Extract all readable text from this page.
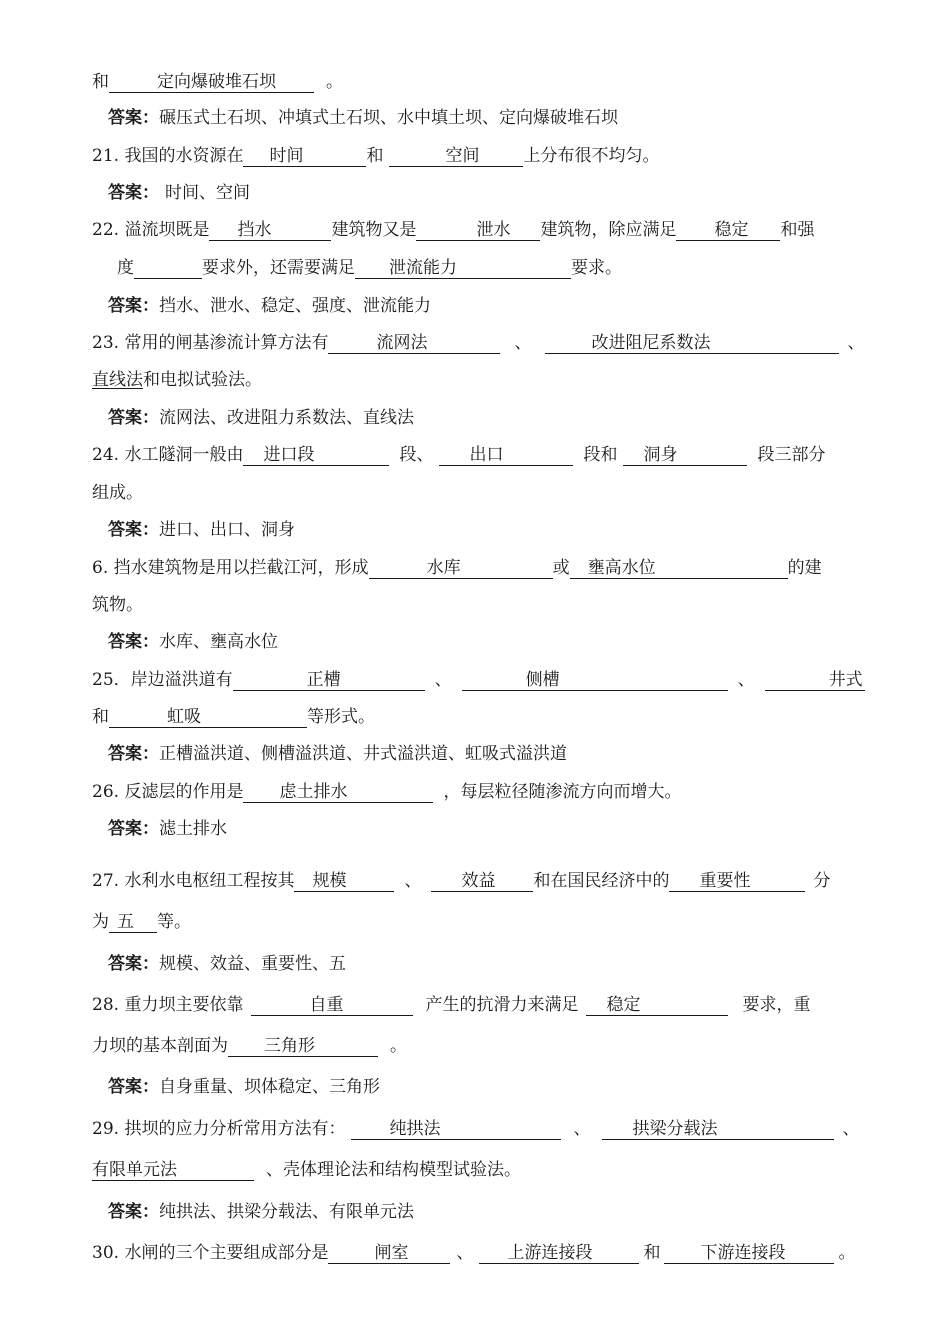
和	定向爆破堆石坝	。
答案：碾压式土石坝、冲填式土石坝、水中填土坝、定向爆破堆石坝
21. 我国的水资源在 时间	和	空间	上分布很不均匀。
答案： 时间、空间
22. 溢流坝既是 挡水	建筑物又是	泄水 建筑物，除应满足 稳定 和强
度	要求外，还需要满足 泄流能力	要求。
答案：挡水、泄水、稳定、强度、泄流能力
23. 常用的闸基渗流计算方法有	流网法	、	改进阻尼系数法	、
直线法和电拟试验法。
答案：流网法、改进阻力系数法、直线法
24. 水工隧洞一般由 进口段	段、 出口	段和 洞身	段三部分
组成。
答案：进口、出口、洞身
6. 挡水建筑物是用以拦截江河，形成	水库	或 壅高水位	的建
筑物。
答案：水库、壅高水位
25．岸边溢洪道有	正槽	、	侧槽	、	井式
和	虹吸	等形式。
答案：正槽溢洪道、侧槽溢洪道、井式溢洪道、虹吸式溢洪道
26. 反滤层的作用是 虑土排水	，每层粒径随渗流方向而增大。
答案：滤土排水
27. 水利水电枢纽工程按其 规模	、 效益 和在国民经济中的 重要性	分
为 五 等。
答案：规模、效益、重要性、五
28. 重力坝主要依靠	自重	产生的抗滑力来满足 稳定	要求，重
力坝的基本剖面为 三角形	。
答案：自身重量、坝体稳定、三角形
29. 拱坝的应力分析常用方法有：	纯拱法	、 拱梁分载法	、
有限单元法	、壳体理论法和结构模型试验法。
答案：纯拱法、拱梁分载法、有限单元法
30. 水闸的三个主要组成部分是	闸室	、 上游连接段	和 下游连接段	。
